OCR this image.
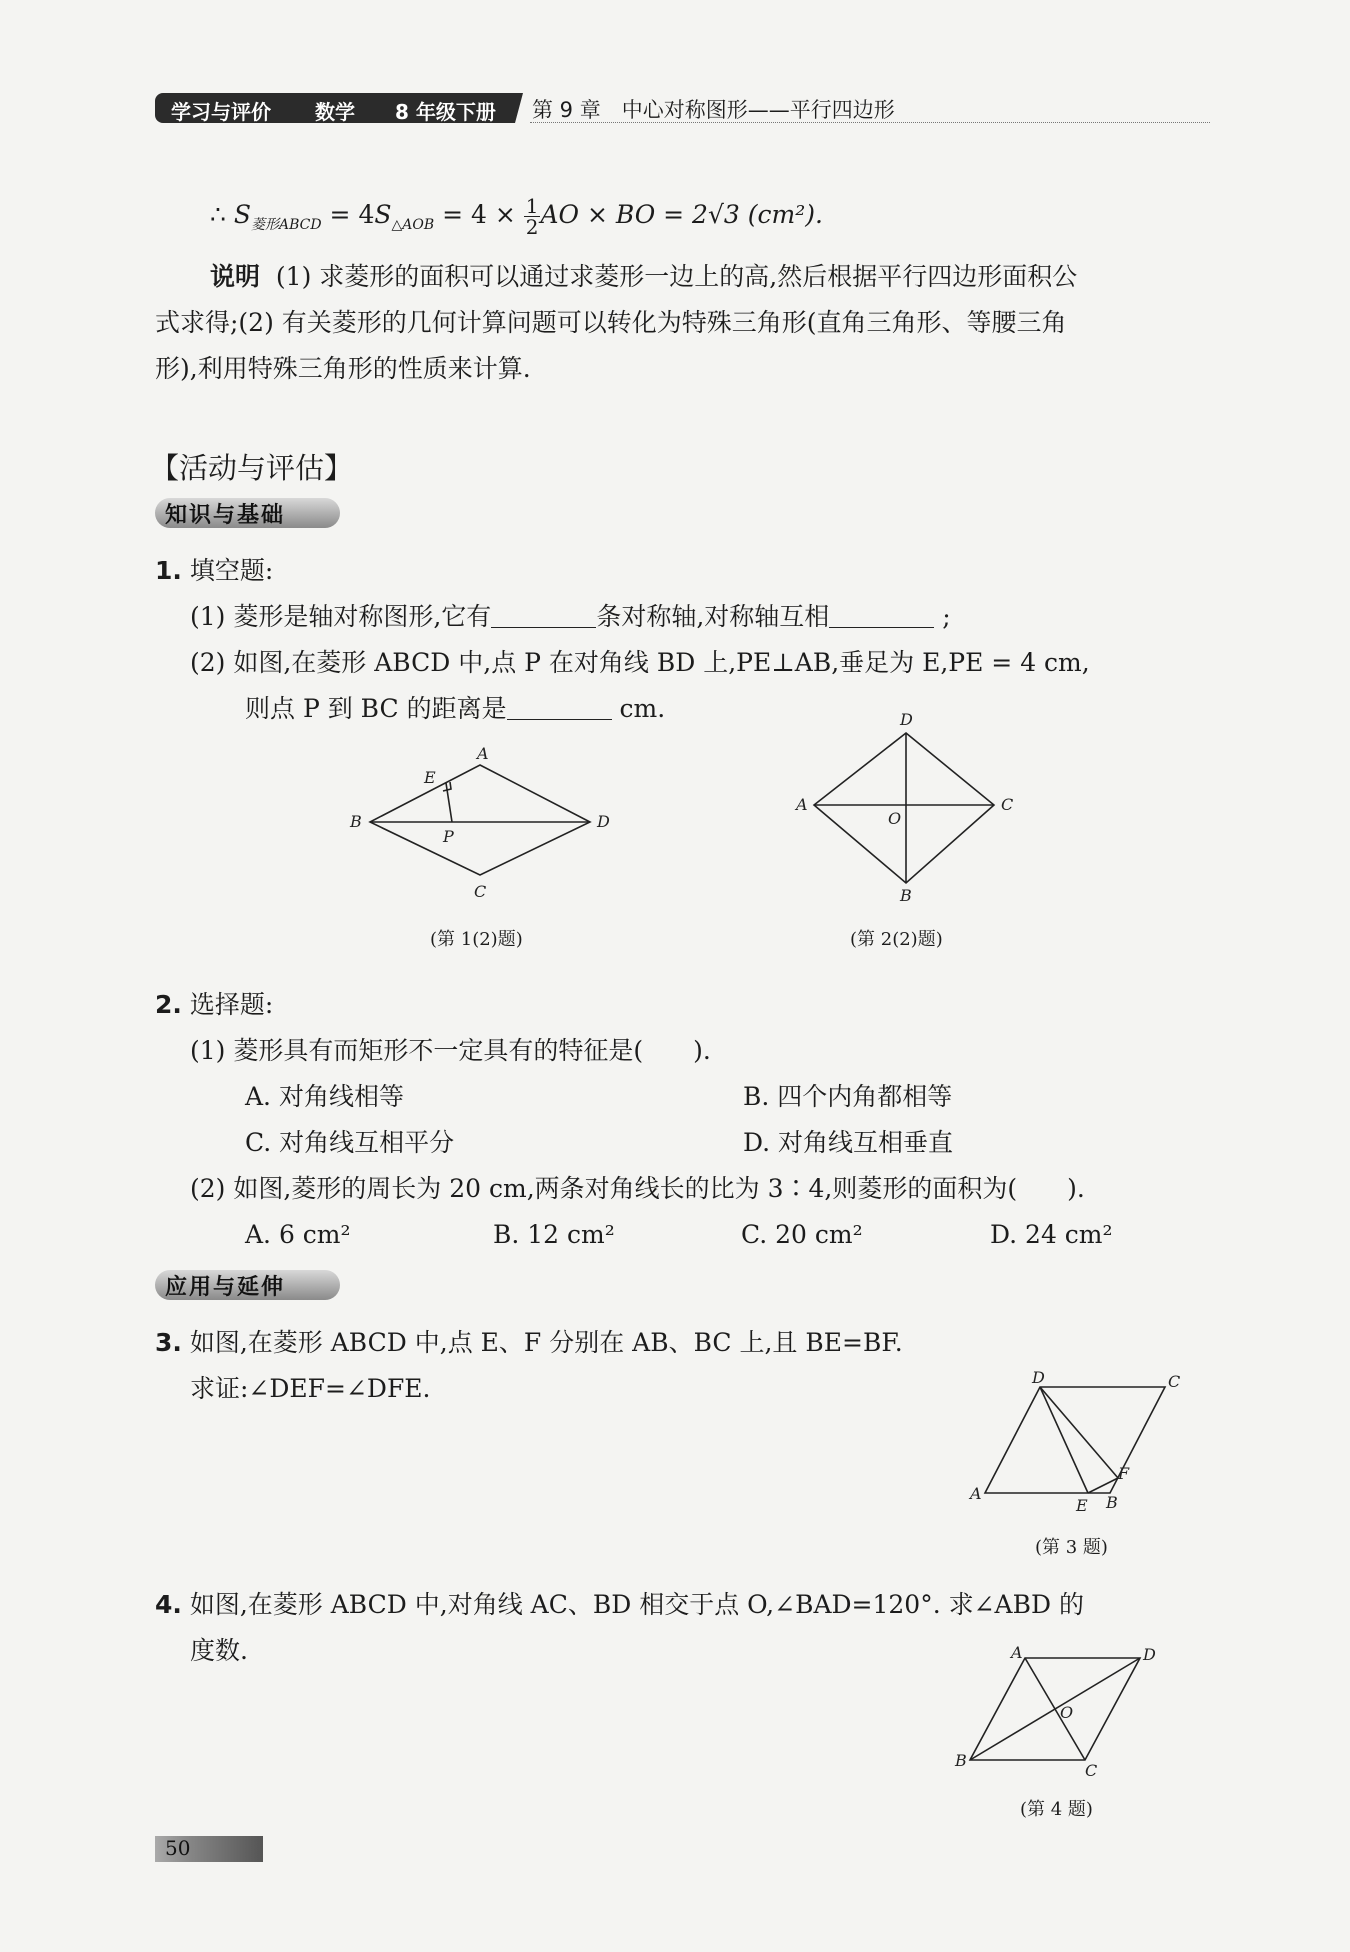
学习与评价 数学 8 年级下册 第 9 章　中心对称图形——平行四边形
∴ $S_{菱形ABCD} = 4S_{\triangle AOB} = 4 \times \frac{1}{2}$ AO × BO = 2√3 (cm²).
说明 (1) 求菱形的面积可以通过求菱形一边上的高,然后根据平行四边形面积公
式求得;(2) 有关菱形的几何计算问题可以转化为特殊三角形(直角三角形、等腰三角
形),利用特殊三角形的性质来计算.
【活动与评估】
知识与基础
1. 填空题:
(1) 菱形是轴对称图形,它有	条对称轴,对称轴互相	;
(2) 如图,在菱形 ABCD 中,点 P 在对角线 BD 上,PE⊥AB,垂足为 E,PE = 4 cm,
则点 P 到 BC 的距离是	cm.
A
B
C
D
E
P
(第 1(2)题)
D
A	C
B
O
(第 2(2)题)
2. 选择题:
(1) 菱形具有而矩形不一定具有的特征是(　　).
A. 对角线相等	B. 四个内角都相等
C. 对角线互相平分	D. 对角线互相垂直
(2) 如图,菱形的周长为 20 cm,两条对角线长的比为 3∶4,则菱形的面积为(　　).
A. 6 cm²	B. 12 cm²	C. 20 cm²	D. 24 cm²
应用与延伸
3. 如图,在菱形 ABCD 中,点 E、F 分别在 AB、BC 上,且 BE=BF.
求证:∠DEF=∠DFE.	D	C
A
E B
F
(第 3 题)
4. 如图,在菱形 ABCD 中,对角线 AC、BD 相交于点 O,∠BAD=120°. 求∠ABD 的
度数.	A	D
B
C
O
(第 4 题)
50
